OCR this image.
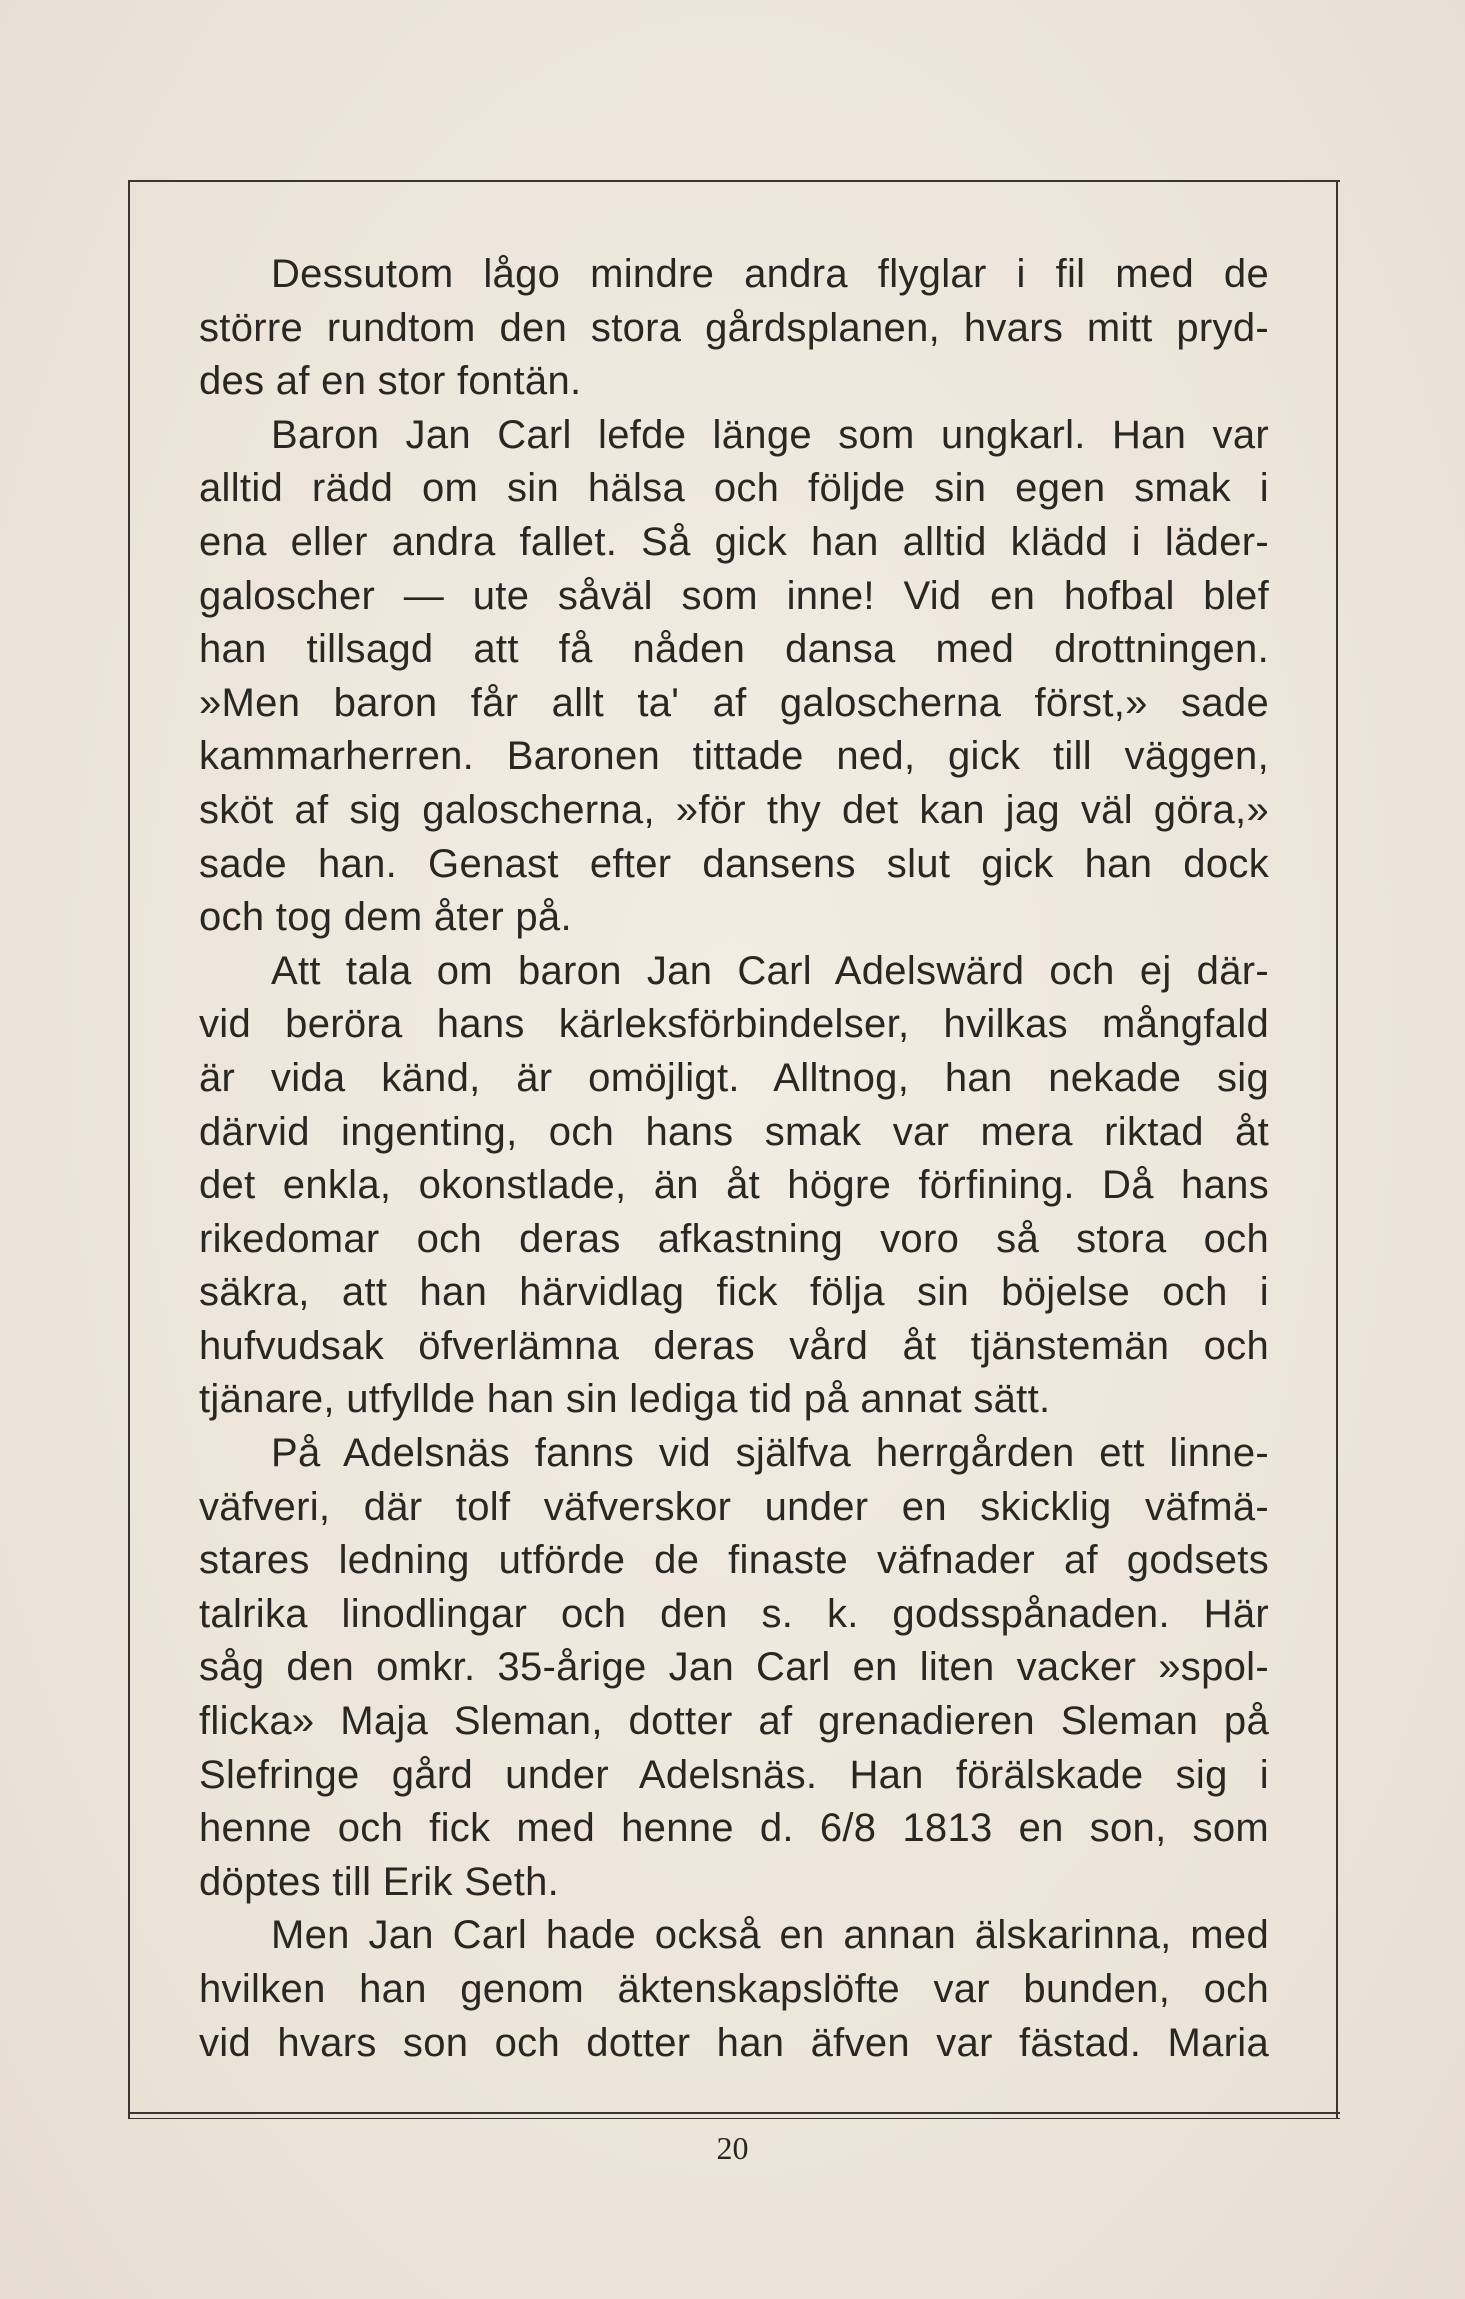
Dessutom lågo mindre andra flyglar i fil med de
större rundtom den stora gårdsplanen, hvars mitt pryd-
des af en stor fontän.
Baron Jan Carl lefde länge som ungkarl. Han var
alltid rädd om sin hälsa och följde sin egen smak i
ena eller andra fallet. Så gick han alltid klädd i läder-
galoscher — ute såväl som inne! Vid en hofbal blef
han tillsagd att få nåden dansa med drottningen.
»Men baron får allt ta' af galoscherna först,» sade
kammarherren. Baronen tittade ned, gick till väggen,
sköt af sig galoscherna, »för thy det kan jag väl göra,»
sade han. Genast efter dansens slut gick han dock
och tog dem åter på.
Att tala om baron Jan Carl Adelswärd och ej där-
vid beröra hans kärleksförbindelser, hvilkas mångfald
är vida känd, är omöjligt. Alltnog, han nekade sig
därvid ingenting, och hans smak var mera riktad åt
det enkla, okonstlade, än åt högre förfining. Då hans
rikedomar och deras afkastning voro så stora och
säkra, att han härvidlag fick följa sin böjelse och i
hufvudsak öfverlämna deras vård åt tjänstemän och
tjänare, utfyllde han sin lediga tid på annat sätt.
På Adelsnäs fanns vid själfva herrgården ett linne-
väfveri, där tolf väfverskor under en skicklig väfmä-
stares ledning utförde de finaste väfnader af godsets
talrika linodlingar och den s. k. godsspånaden. Här
såg den omkr. 35-årige Jan Carl en liten vacker »spol-
flicka» Maja Sleman, dotter af grenadieren Sleman på
Slefringe gård under Adelsnäs. Han förälskade sig i
henne och fick med henne d. 6/8 1813 en son, som
döptes till Erik Seth.
Men Jan Carl hade också en annan älskarinna, med
hvilken han genom äktenskapslöfte var bunden, och
vid hvars son och dotter han äfven var fästad. Maria
20
